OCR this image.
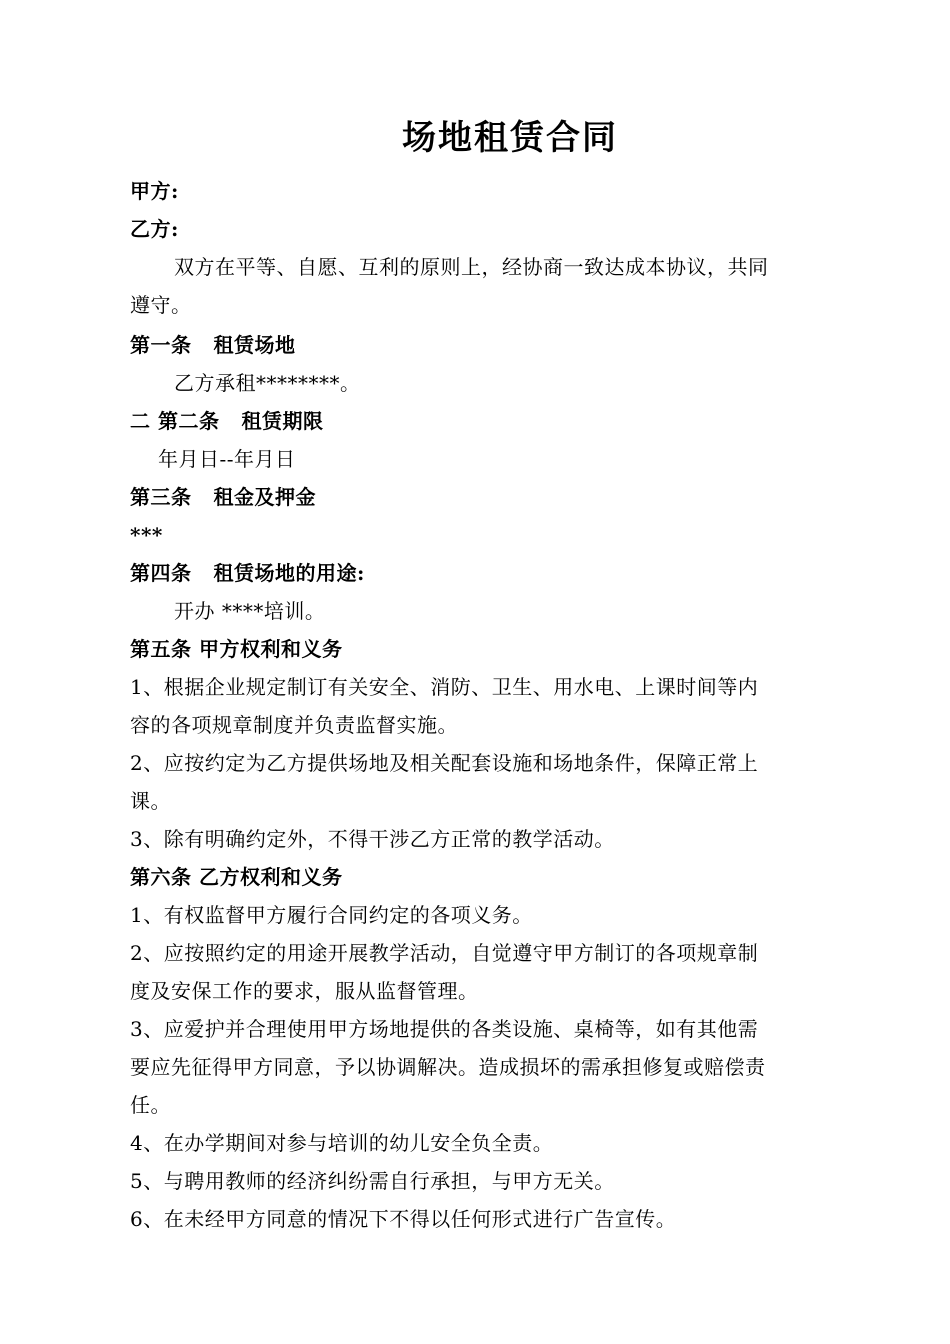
场地租赁合同
甲方:
乙方:
双方在平等、自愿、互利的原则上，经协商一致达成本协议，共同
遵守。
第一条 租赁场地
乙方承租********。
二 第二条 租赁期限
年月日--年月日
第三条 租金及押金
***
第四条 租赁场地的用途:
开办 ****培训。
第五条 甲方权利和义务
1、根据企业规定制订有关安全、消防、卫生、用水电、上课时间等内
容的各项规章制度并负责监督实施。
2、应按约定为乙方提供场地及相关配套设施和场地条件，保障正常上
课。
3、除有明确约定外，不得干涉乙方正常的教学活动。
第六条 乙方权利和义务
1、有权监督甲方履行合同约定的各项义务。
2、应按照约定的用途开展教学活动，自觉遵守甲方制订的各项规章制
度及安保工作的要求，服从监督管理。
3、应爱护并合理使用甲方场地提供的各类设施、桌椅等，如有其他需
要应先征得甲方同意，予以协调解决。造成损坏的需承担修复或赔偿责
任。
4、在办学期间对参与培训的幼儿安全负全责。
5、与聘用教师的经济纠纷需自行承担，与甲方无关。
6、在未经甲方同意的情况下不得以任何形式进行广告宣传。
